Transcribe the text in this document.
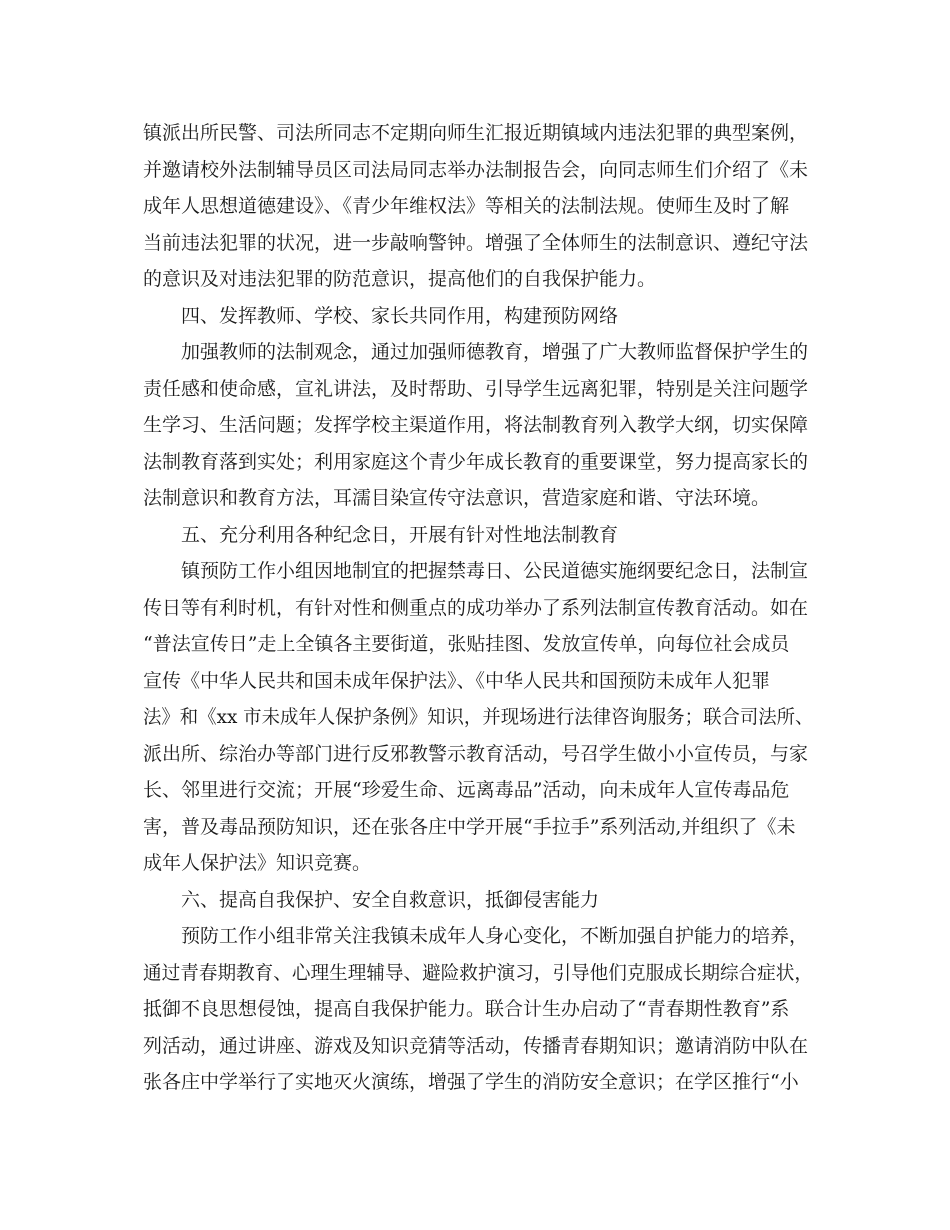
镇派出所民警、司法所同志不定期向师生汇报近期镇域内违法犯罪的典型案例，
并邀请校外法制辅导员区司法局同志举办法制报告会，向同志师生们介绍了《未
成年人思想道德建设》、《青少年维权法》等相关的法制法规。使师生及时了解
当前违法犯罪的状况，进一步敲响警钟。增强了全体师生的法制意识、遵纪守法
的意识及对违法犯罪的防范意识，提高他们的自我保护能力。
四、发挥教师、学校、家长共同作用，构建预防网络
加强教师的法制观念，通过加强师德教育，增强了广大教师监督保护学生的
责任感和使命感，宣礼讲法，及时帮助、引导学生远离犯罪，特别是关注问题学
生学习、生活问题；发挥学校主渠道作用，将法制教育列入教学大纲，切实保障
法制教育落到实处；利用家庭这个青少年成长教育的重要课堂，努力提高家长的
法制意识和教育方法，耳濡目染宣传守法意识，营造家庭和谐、守法环境。
五、充分利用各种纪念日，开展有针对性地法制教育
镇预防工作小组因地制宜的把握禁毒日、公民道德实施纲要纪念日，法制宣
传日等有利时机，有针对性和侧重点的成功举办了系列法制宣传教育活动。如在
“普法宣传日”走上全镇各主要街道，张贴挂图、发放宣传单，向每位社会成员
宣传《中华人民共和国未成年保护法》、《中华人民共和国预防未成年人犯罪
法》和《xx 市未成年人保护条例》知识，并现场进行法律咨询服务；联合司法所、
派出所、综治办等部门进行反邪教警示教育活动，号召学生做小小宣传员，与家
长、邻里进行交流；开展“珍爱生命、远离毒品”活动，向未成年人宣传毒品危
害，普及毒品预防知识，还在张各庄中学开展“手拉手”系列活动,并组织了《未
成年人保护法》知识竞赛。
六、提高自我保护、安全自救意识，抵御侵害能力
预防工作小组非常关注我镇未成年人身心变化，不断加强自护能力的培养，
通过青春期教育、心理生理辅导、避险救护演习，引导他们克服成长期综合症状，
抵御不良思想侵蚀，提高自我保护能力。联合计生办启动了“青春期性教育”系
列活动，通过讲座、游戏及知识竞猜等活动，传播青春期知识；邀请消防中队在
张各庄中学举行了实地灭火演练，增强了学生的消防安全意识；在学区推行“小
